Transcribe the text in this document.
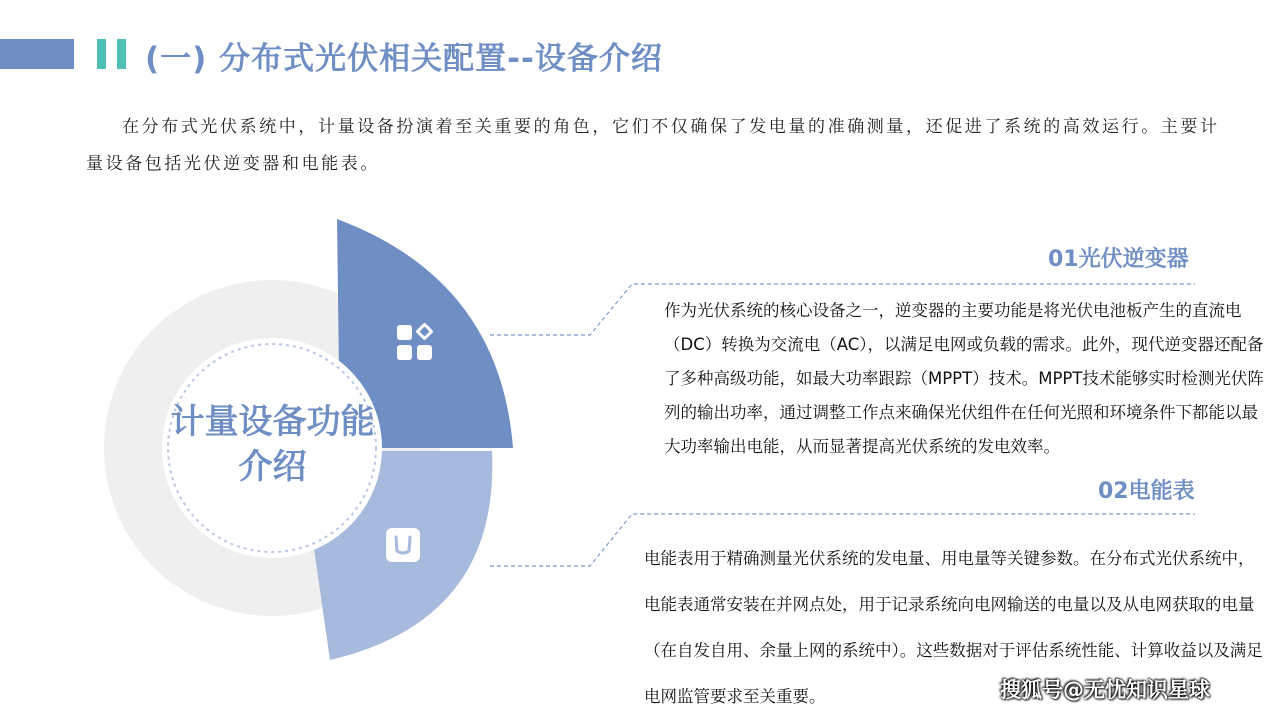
(一) 分布式光伏相关配置--设备介绍
在分布式光伏系统中，计量设备扮演着至关重要的角色，它们不仅确保了发电量的准确测量，还促进了系统的高效运行。主要计量设备包括光伏逆变器和电能表。
计量设备功能介绍
01光伏逆变器
作为光伏系统的核心设备之一，逆变器的主要功能是将光伏电池板产生的直流电（DC）转换为交流电（AC），以满足电网或负载的需求。此外，现代逆变器还配备了多种高级功能，如最大功率跟踪（MPPT）技术。MPPT技术能够实时检测光伏阵列的输出功率，通过调整工作点来确保光伏组件在任何光照和环境条件下都能以最大功率输出电能，从而显著提高光伏系统的发电效率。
02电能表
电能表用于精确测量光伏系统的发电量、用电量等关键参数。在分布式光伏系统中，电能表通常安装在并网点处，用于记录系统向电网输送的电量以及从电网获取的电量（在自发自用、余量上网的系统中）。这些数据对于评估系统性能、计算收益以及满足电网监管要求至关重要。	搜狐号@无忧知识星球
